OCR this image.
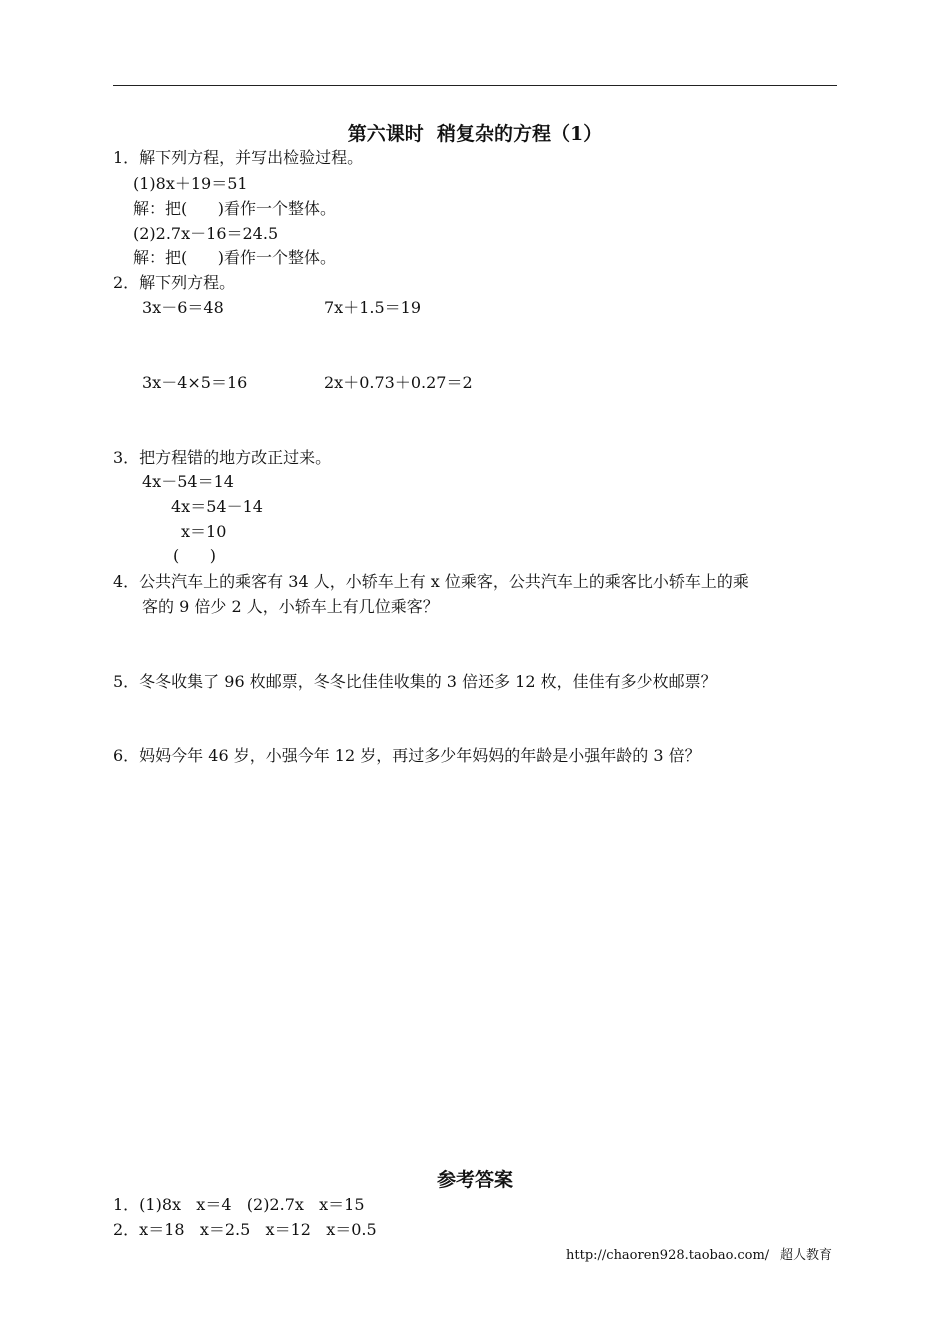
第六课时  稍复杂的方程（1）
1．解下列方程，并写出检验过程。
(1)8x＋19＝51
解：把(      )看作一个整体。
(2)2.7x－16＝24.5
解：把(      )看作一个整体。
2．解下列方程。
3x－6＝48	7x＋1.5＝19
3x－4×5＝16	2x＋0.73＋0.27＝2
3．把方程错的地方改正过来。
4x－54＝14
4x＝54－14
x＝10
(      )
4．公共汽车上的乘客有 34 人，小轿车上有 x 位乘客，公共汽车上的乘客比小轿车上的乘
客的 9 倍少 2 人，小轿车上有几位乘客？
5．冬冬收集了 96 枚邮票，冬冬比佳佳收集的 3 倍还多 12 枚，佳佳有多少枚邮票？
6．妈妈今年 46 岁，小强今年 12 岁，再过多少年妈妈的年龄是小强年龄的 3 倍？
参考答案
1．(1)8x   x＝4   (2)2.7x   x＝15
2．x＝18   x＝2.5   x＝12   x＝0.5
http://chaoren928.taobao.com/ 超人教育
